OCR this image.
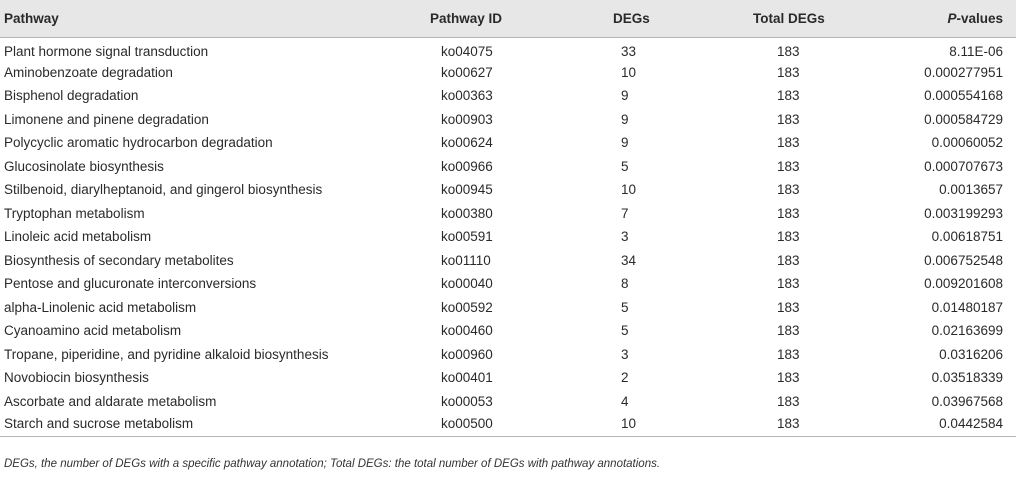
Pathway	Pathway ID	DEGs	Total DEGs	P-values
Plant hormone signal transduction	ko04075	33	183	8.11E-06
Aminobenzoate degradation	ko00627	10	183	0.000277951
Bisphenol degradation	ko00363	9	183	0.000554168
Limonene and pinene degradation	ko00903	9	183	0.000584729
Polycyclic aromatic hydrocarbon degradation	ko00624	9	183	0.00060052
Glucosinolate biosynthesis	ko00966	5	183	0.000707673
Stilbenoid, diarylheptanoid, and gingerol biosynthesis	ko00945	10	183	0.0013657
Tryptophan metabolism	ko00380	7	183	0.003199293
Linoleic acid metabolism	ko00591	3	183	0.00618751
Biosynthesis of secondary metabolites	ko01110	34	183	0.006752548
Pentose and glucuronate interconversions	ko00040	8	183	0.009201608
alpha-Linolenic acid metabolism	ko00592	5	183	0.01480187
Cyanoamino acid metabolism	ko00460	5	183	0.02163699
Tropane, piperidine, and pyridine alkaloid biosynthesis	ko00960	3	183	0.0316206
Novobiocin biosynthesis	ko00401	2	183	0.03518339
Ascorbate and aldarate metabolism	ko00053	4	183	0.03967568
Starch and sucrose metabolism	ko00500	10	183	0.0442584
DEGs, the number of DEGs with a specific pathway annotation; Total DEGs: the total number of DEGs with pathway annotations.
